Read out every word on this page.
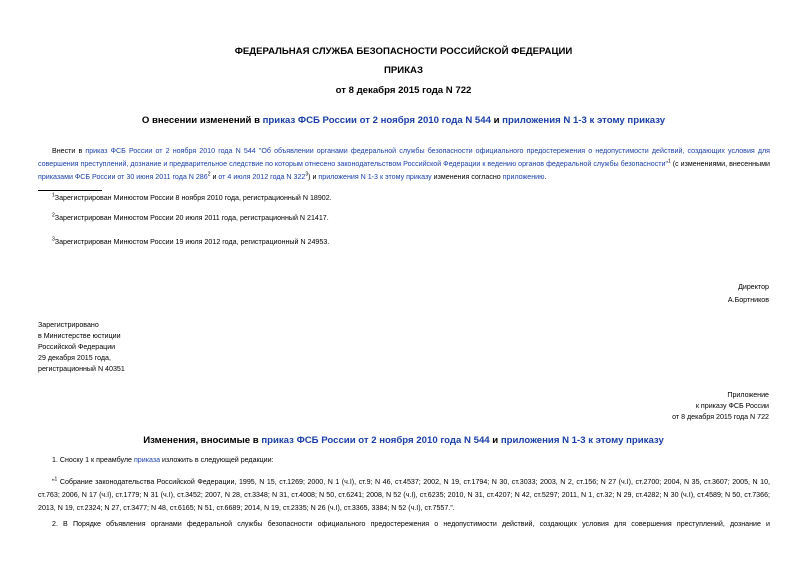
ФЕДЕРАЛЬНАЯ СЛУЖБА БЕЗОПАСНОСТИ РОССИЙСКОЙ ФЕДЕРАЦИИ
ПРИКАЗ
от 8 декабря 2015 года N 722
О внесении изменений в приказ ФСБ России от 2 ноября 2010 года N 544 и приложения N 1-3 к этому приказу
Внести в приказ ФСБ России от 2 ноября 2010 года N 544 "Об объявлении органами федеральной службы безопасности официального предостережения о недопустимости действий, создающих условия для совершения преступлений, дознание и предварительное следствие по которым отнесено законодательством Российской Федерации к ведению органов федеральной службы безопасности"$^1$ (с изменениями, внесенными приказами ФСБ России от 30 июня 2011 года N $286^2$ и от 4 июля 2012 года N $322^3$) и приложения N 1-3 к этому приказу изменения согласно приложению.
$^1$Зарегистрирован Минюстом России 8 ноября 2010 года, регистрационный N 18902.
$^2$Зарегистрирован Минюстом России 20 июля 2011 года, регистрационный N 21417.
$^3$Зарегистрирован Минюстом России 19 июля 2012 года, регистрационный N 24953.
Директор
А.Бортников
Зарегистрировано
в Министерстве юстиции
Российской Федерации
29 декабря 2015 года,
регистрационный N 40351
Приложение
к приказу ФСБ России
от 8 декабря 2015 года N 722
Изменения, вносимые в приказ ФСБ России от 2 ноября 2010 года N 544 и приложения N 1-3 к этому приказу
1. Сноску 1 к преамбуле приказа изложить в следующей редакции:
"$^1$ Собрание законодательства Российской Федерации, 1995, N 15, ст.1269; 2000, N 1 (ч.I), ст.9; N 46, ст.4537; 2002, N 19, ст.1794; N 30, ст.3033; 2003, N 2, ст.156; N 27 (ч.I), ст.2700; 2004, N 35, ст.3607; 2005, N 10, ст.763; 2006, N 17 (ч.I), ст.1779; N 31 (ч.I), ст.3452; 2007, N 28, ст.3348; N 31, ст.4008; N 50, ст.6241; 2008, N 52 (ч.I), ст.6235; 2010, N 31, ст.4207; N 42, ст.5297; 2011, N 1, ст.32; N 29, ст.4282; N 30 (ч.I), ст.4589; N 50, ст.7366; 2013, N 19, ст.2324; N 27, ст.3477; N 48, ст.6165; N 51, ст.6689; 2014, N 19, ст.2335; N 26 (ч.I), ст.3365, 3384; N 52 (ч.I), ст.7557.".
2. В Порядке объявления органами федеральной службы безопасности официального предостережения о недопустимости действий, создающих условия для совершения преступлений, дознание и
